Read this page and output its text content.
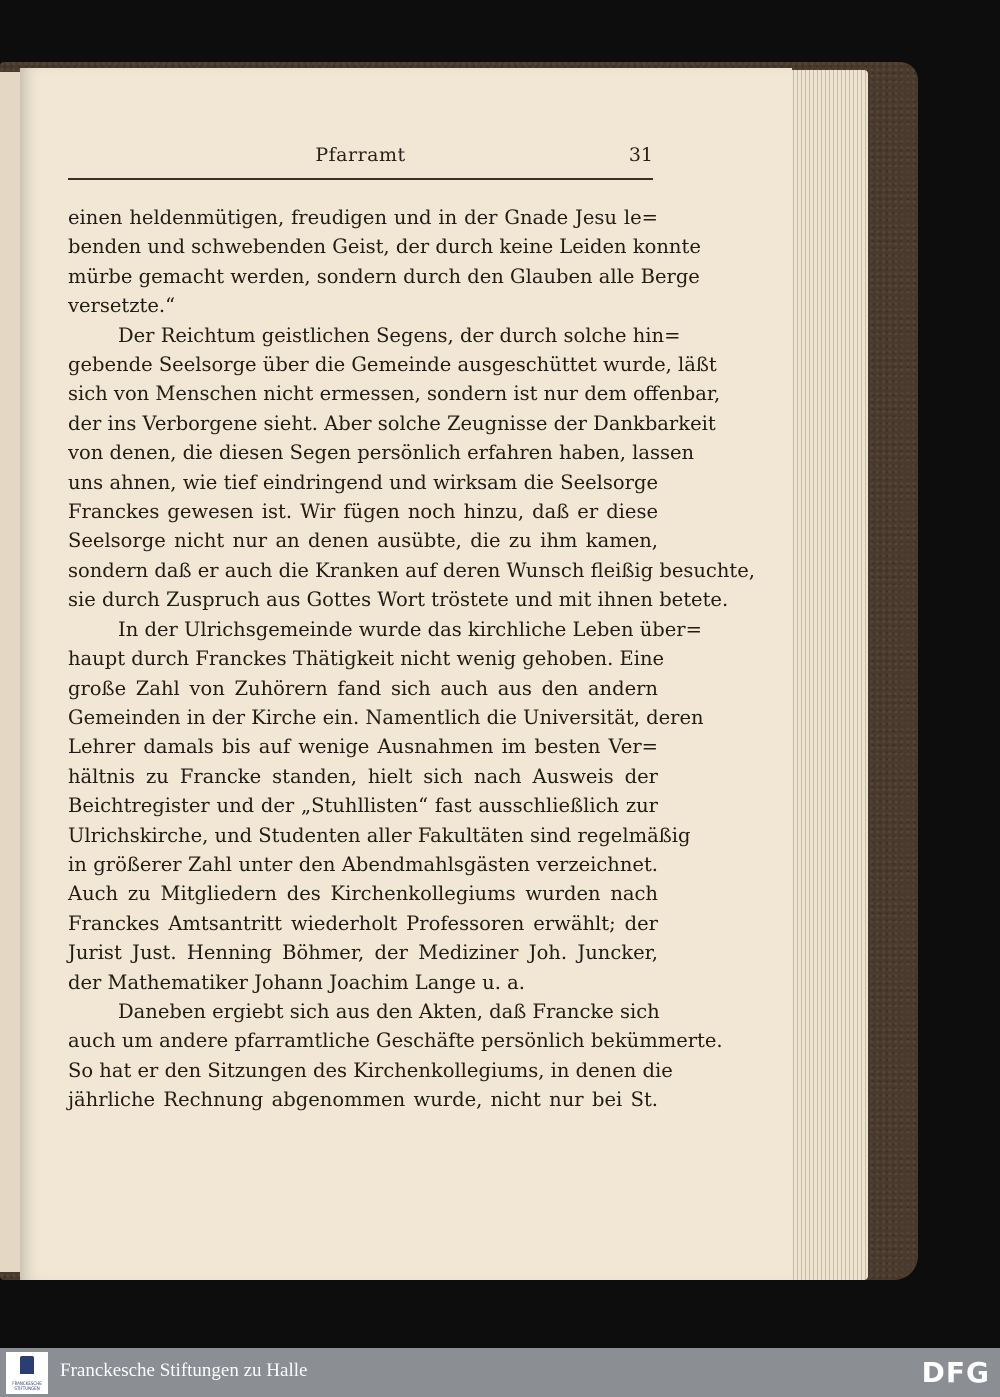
Pfarramt	31
einen heldenmütigen, freudigen und in der Gnade Jesu le=
benden und schwebenden Geist, der durch keine Leiden konnte
mürbe gemacht werden, sondern durch den Glauben alle Berge
versetzte.“
Der Reichtum geistlichen Segens, der durch solche hin=
gebende Seelsorge über die Gemeinde ausgeschüttet wurde, läßt
sich von Menschen nicht ermessen, sondern ist nur dem offenbar,
der ins Verborgene sieht. Aber solche Zeugnisse der Dankbarkeit
von denen, die diesen Segen persönlich erfahren haben, lassen
uns ahnen, wie tief eindringend und wirksam die Seelsorge
Franckes gewesen ist. Wir fügen noch hinzu, daß er diese
Seelsorge nicht nur an denen ausübte, die zu ihm kamen,
sondern daß er auch die Kranken auf deren Wunsch fleißig besuchte,
sie durch Zuspruch aus Gottes Wort tröstete und mit ihnen betete.
In der Ulrichsgemeinde wurde das kirchliche Leben über=
haupt durch Franckes Thätigkeit nicht wenig gehoben. Eine
große Zahl von Zuhörern fand sich auch aus den andern
Gemeinden in der Kirche ein. Namentlich die Universität, deren
Lehrer damals bis auf wenige Ausnahmen im besten Ver=
hältnis zu Francke standen, hielt sich nach Ausweis der
Beichtregister und der „Stuhllisten“ fast ausschließlich zur
Ulrichskirche, und Studenten aller Fakultäten sind regelmäßig
in größerer Zahl unter den Abendmahlsgästen verzeichnet.
Auch zu Mitgliedern des Kirchenkollegiums wurden nach
Franckes Amtsantritt wiederholt Professoren erwählt; der
Jurist Just. Henning Böhmer, der Mediziner Joh. Juncker,
der Mathematiker Johann Joachim Lange u. a.
Daneben ergiebt sich aus den Akten, daß Francke sich
auch um andere pfarramtliche Geschäfte persönlich bekümmerte.
So hat er den Sitzungen des Kirchenkollegiums, in denen die
jährliche Rechnung abgenommen wurde, nicht nur bei St.
FRANCKESCHE STIFTUNGEN
Franckesche Stiftungen zu Halle	DFG
